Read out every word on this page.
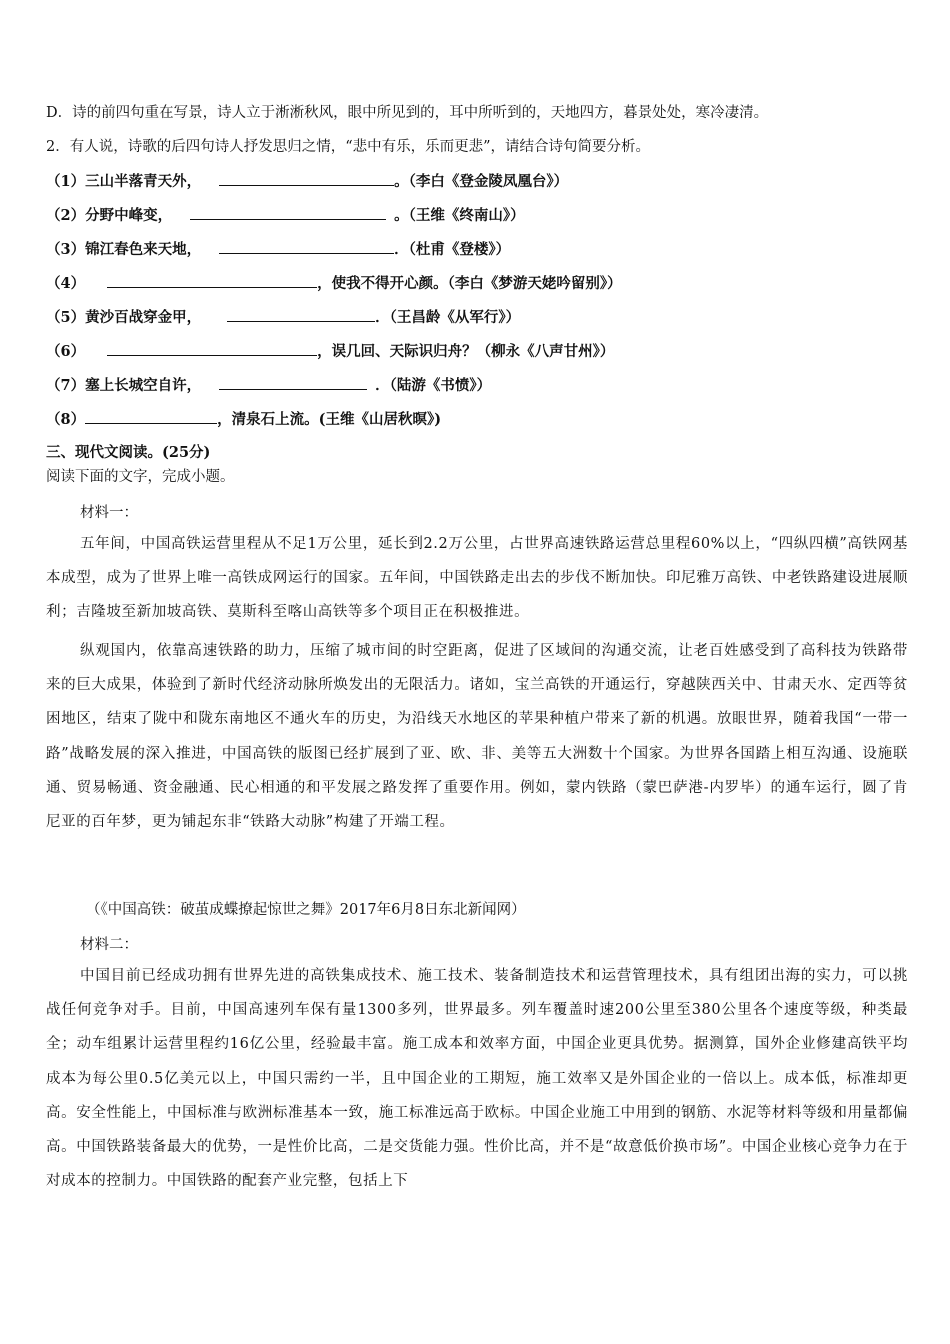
D．诗的前四句重在写景，诗人立于淅淅秋风，眼中所见到的，耳中所听到的，天地四方，暮景处处，寒冷凄清。
2．有人说，诗歌的后四句诗人抒发思归之情，“悲中有乐，乐而更悲”，请结合诗句简要分析。
（1）三山半落青天外，	。（李白《登金陵凤凰台》）
（2）分野中峰变，	。（王维《终南山》）
（3）锦江春色来天地，	．（杜甫《登楼》）
（4）	，使我不得开心颜。（李白《梦游天姥吟留别》）
（5）黄沙百战穿金甲，	．（王昌龄《从军行》）
（6）	，误几回、天际识归舟？（柳永《八声甘州》）
（7）塞上长城空自许，	．（陆游《书愤》）
（8）	，清泉石上流。(王维《山居秋暝》)
三、现代文阅读。(25分)
阅读下面的文字，完成小题。
材料一：
五年间，中国高铁运营里程从不足1万公里，延长到2.2万公里，占世界高速铁路运营总里程60%以上，“四纵四横”高铁网基本成型，成为了世界上唯一高铁成网运行的国家。五年间，中国铁路走出去的步伐不断加快。印尼雅万高铁、中老铁路建设进展顺利；吉隆坡至新加坡高铁、莫斯科至喀山高铁等多个项目正在积极推进。
纵观国内，依靠高速铁路的助力，压缩了城市间的时空距离，促进了区域间的沟通交流，让老百姓感受到了高科技为铁路带来的巨大成果，体验到了新时代经济动脉所焕发出的无限活力。诸如，宝兰高铁的开通运行，穿越陕西关中、甘肃天水、定西等贫困地区，结束了陇中和陇东南地区不通火车的历史，为沿线天水地区的苹果种植户带来了新的机遇。放眼世界，随着我国“一带一路”战略发展的深入推进，中国高铁的版图已经扩展到了亚、欧、非、美等五大洲数十个国家。为世界各国踏上相互沟通、设施联通、贸易畅通、资金融通、民心相通的和平发展之路发挥了重要作用。例如，蒙内铁路（蒙巴萨港-内罗毕）的通车运行，圆了肯尼亚的百年梦，更为铺起东非“铁路大动脉”构建了开端工程。
（《中国高铁：破茧成蝶撩起惊世之舞》2017年6月8日东北新闻网）
材料二：
中国目前已经成功拥有世界先进的高铁集成技术、施工技术、装备制造技术和运营管理技术，具有组团出海的实力，可以挑战任何竞争对手。目前，中国高速列车保有量1300多列，世界最多。列车覆盖时速200公里至380公里各个速度等级，种类最全；动车组累计运营里程约16亿公里，经验最丰富。施工成本和效率方面，中国企业更具优势。据测算，国外企业修建高铁平均成本为每公里0.5亿美元以上，中国只需约一半，且中国企业的工期短，施工效率又是外国企业的一倍以上。成本低，标准却更高。安全性能上，中国标准与欧洲标准基本一致，施工标准远高于欧标。中国企业施工中用到的钢筋、水泥等材料等级和用量都偏高。中国铁路装备最大的优势，一是性价比高，二是交货能力强。性价比高，并不是“故意低价换市场”。中国企业核心竞争力在于对成本的控制力。中国铁路的配套产业完整，包括上下
